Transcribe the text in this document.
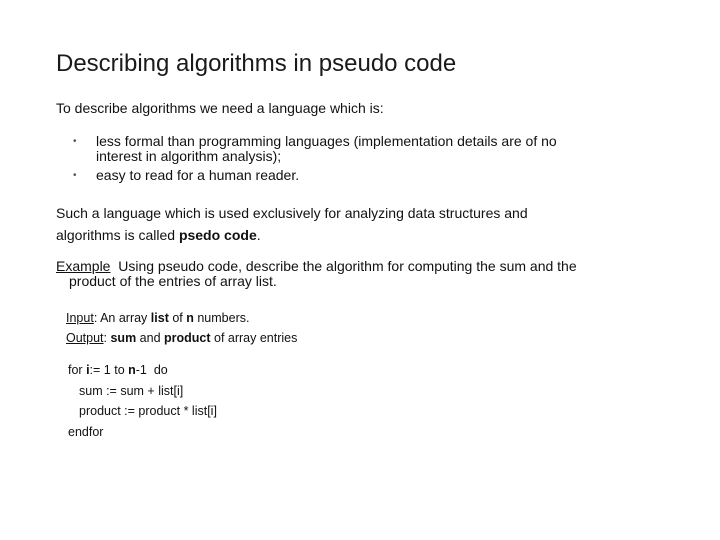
Describing algorithms in pseudo code
To describe algorithms we need a language which is:
• less formal than programming languages (implementation details are of no
interest in algorithm analysis);
• easy to read for a human reader.
Such a language which is used exclusively for analyzing data structures and
algorithms is called psedo code.
Example  Using pseudo code, describe the algorithm for computing the sum and the
product of the entries of array list.
Input: An array list of n numbers.
Output: sum and product of array entries
for i:= 1 to n-1  do
sum := sum + list[i]
product := product * list[i]
endfor
